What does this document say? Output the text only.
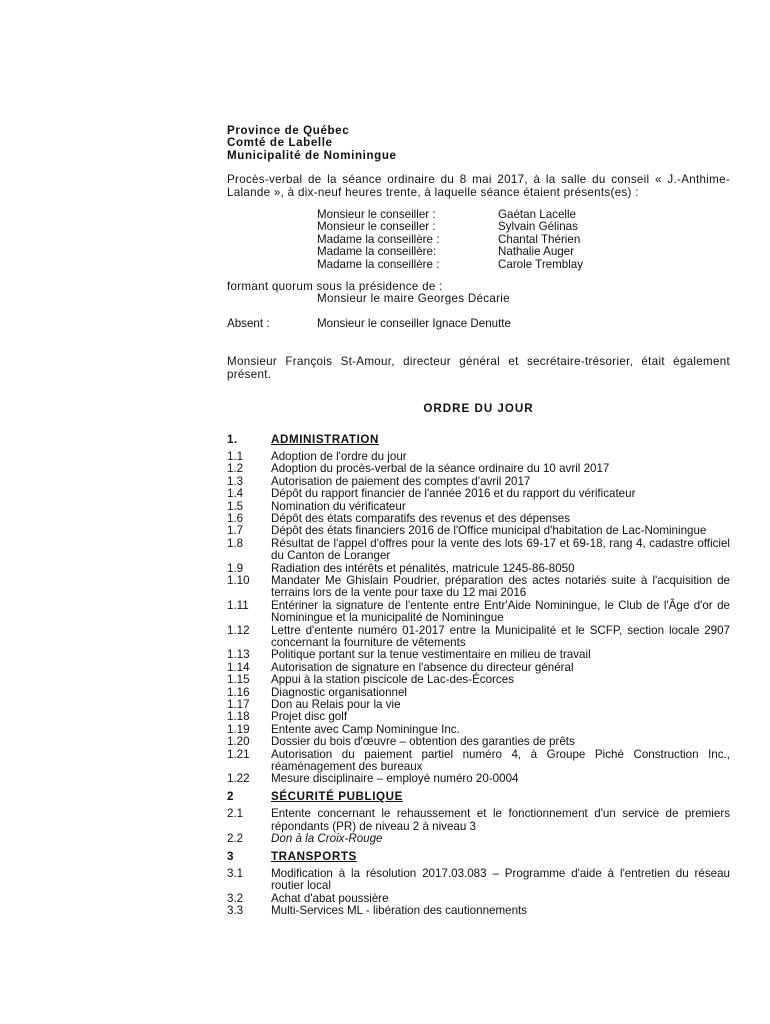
Province de Québec

Comté de Labelle

Municipalité de Nominingue

Procès-verbal de la séance ordinaire du 8 mai 2017, à la salle du conseil « J.-Anthime-Lalande », à dix-neuf heures trente, à laquelle séance étaient présents(es) :

Monsieur le conseiller :	Gaétan Lacelle
Monsieur le conseiller :	Sylvain Gélinas
Madame la conseillère :	Chantal Thérien
Madame la conseillère:	Nathalie Auger
Madame la conseillère :	Carole Tremblay
formant quorum sous la présidence de :
Monsieur le maire Georges Décarie
Absent :	Monsieur le conseiller Ignace Denutte

Monsieur François St-Amour, directeur général et secrétaire-trésorier, était également présent.

ORDRE DU JOUR
1.	ADMINISTRATION
1.1	Adoption de l'ordre du jour
1.2	Adoption du procès-verbal de la séance ordinaire du 10 avril 2017
1.3	Autorisation de paiement des comptes d'avril 2017
1.4	Dépôt du rapport financier de l'année 2016 et du rapport du vérificateur
1.5	Nomination du vérificateur
1.6	Dépôt des états comparatifs des revenus et des dépenses
1.7	Dépôt des états financiers 2016 de l'Office municipal d'habitation de Lac-Nominingue
1.8	Résultat de l'appel d'offres pour la vente des lots 69-17 et 69-18, rang 4, cadastre officiel du Canton de Loranger
1.9	Radiation des intérêts et pénalités, matricule 1245-86-8050
1.10	Mandater Me Ghislain Poudrier, préparation des actes notariés suite à l'acquisition de terrains lors de la vente pour taxe du 12 mai 2016
1.11	Entériner la signature de l'entente entre Entr'Aide Nominingue, le Club de l'Âge d'or de Nominingue et la municipalité de Nominingue
1.12	Lettre d'entente numéro 01-2017 entre la Municipalité et le SCFP, section locale 2907 concernant la fourniture de vêtements
1.13	Politique portant sur la tenue vestimentaire en milieu de travail
1.14	Autorisation de signature en l'absence du directeur général
1.15	Appui à la station piscicole de Lac-des-Écorces
1.16	Diagnostic organisationnel
1.17	Don au Relais pour la vie
1.18	Projet disc golf
1.19	Entente avec Camp Nominingue Inc.
1.20	Dossier du bois d'œuvre – obtention des garanties de prêts
1.21	Autorisation du paiement partiel numéro 4, à Groupe Piché Construction Inc., réaménagement des bureaux
1.22	Mesure disciplinaire – employé numéro 20-0004
2	SÉCURITÉ PUBLIQUE
2.1	Entente concernant le rehaussement et le fonctionnement d'un service de premiers répondants (PR) de niveau 2 à niveau 3
2.2	Don à la Croix-Rouge
3	TRANSPORTS
3.1	Modification à la résolution 2017.03.083 – Programme d'aide à l'entretien du réseau routier local
3.2	Achat d'abat poussière
3.3	Multi-Services ML - libération des cautionnements
